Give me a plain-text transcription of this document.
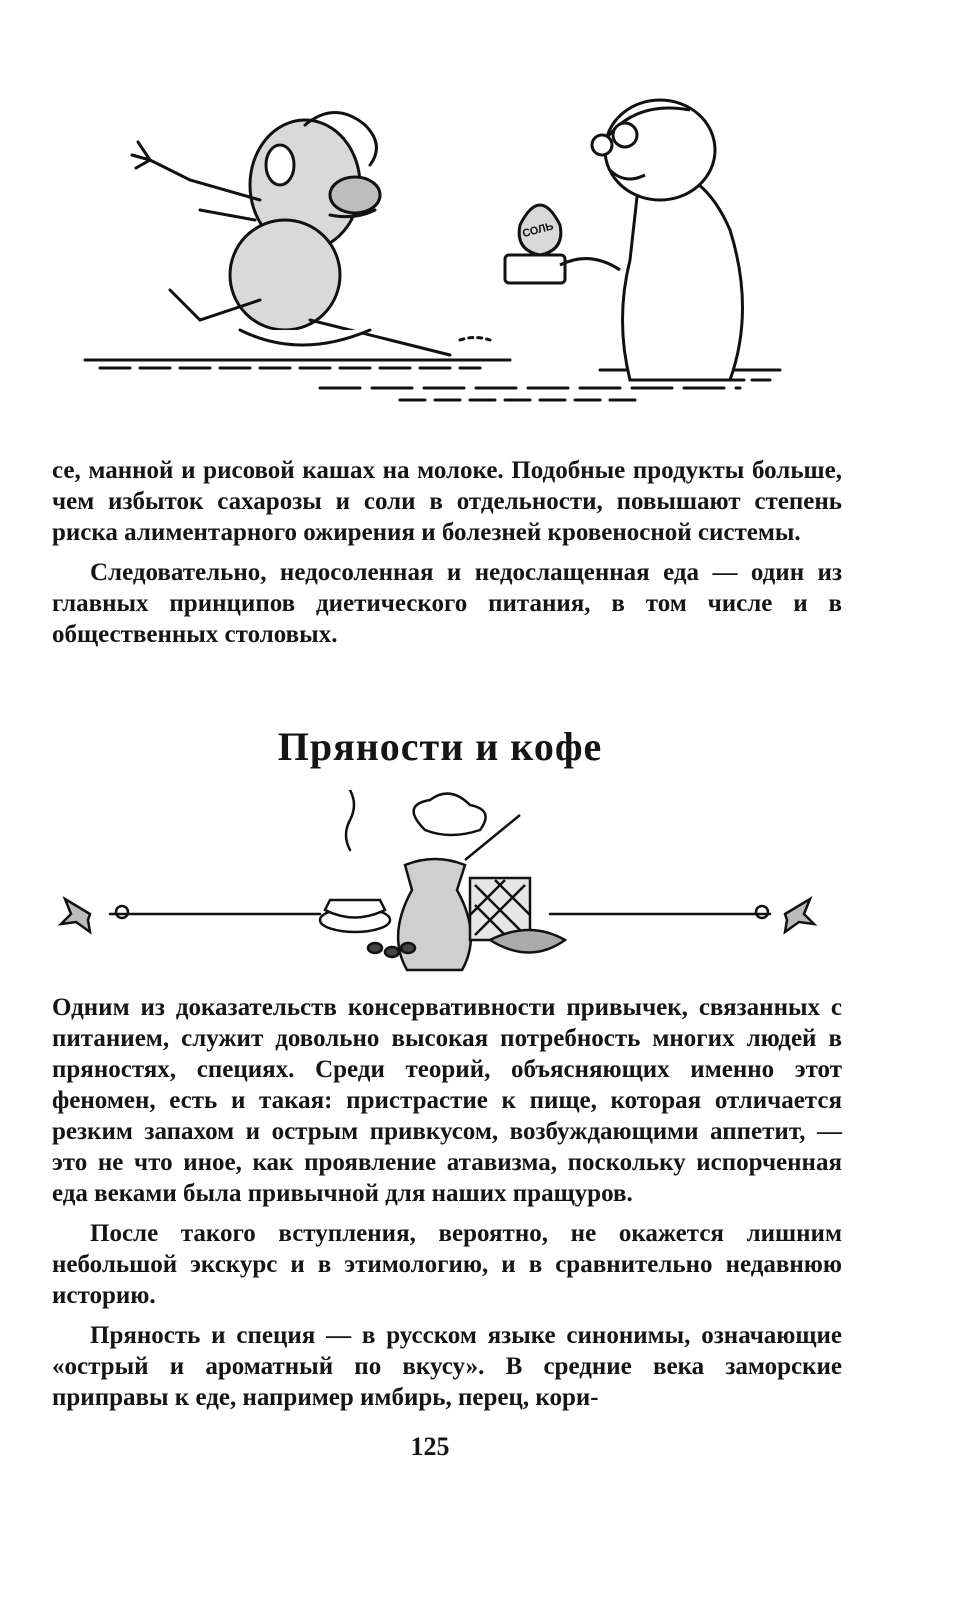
СОЛЬ

се, манной и рисовой кашах на молоке. Подобные продукты больше, чем избыток сахарозы и соли в отдельности, повышают степень риска алиментарного ожирения и болезней кровеносной системы.

Следовательно, недосоленная и недослащенная еда — один из главных принципов диетического питания, в том числе и в общественных столовых.

Пряности и кофе

Одним из доказательств консервативности привычек, связанных с питанием, служит довольно высокая потребность многих людей в пряностях, специях. Среди теорий, объясняющих именно этот феномен, есть и такая: пристрастие к пище, которая отличается резким запахом и острым привкусом, возбуждающими аппетит, — это не что иное, как проявление атавизма, поскольку испорченная еда веками была привычной для наших пращуров.

После такого вступления, вероятно, не окажется лишним небольшой экскурс и в этимологию, и в сравнительно недавнюю историю.

Пряность и специя — в русском языке синонимы, означающие «острый и ароматный по вкусу». В средние века заморские приправы к еде, например имбирь, перец, кори-

125
